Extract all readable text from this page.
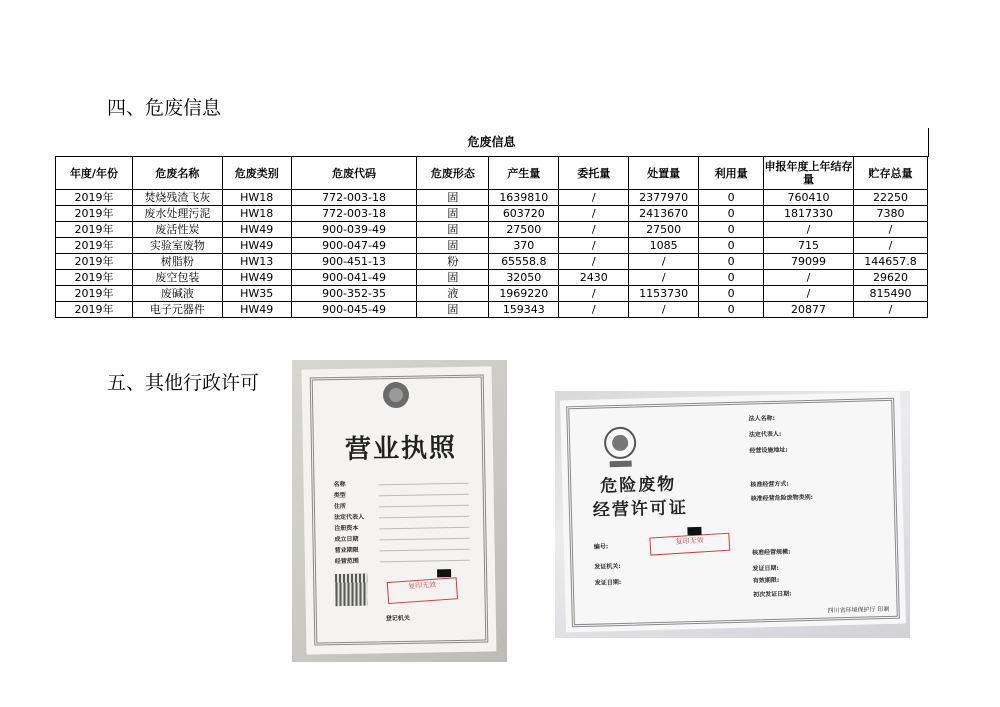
四、危废信息
危废信息
年度/年份	危废名称	危废类别	危废代码	危废形态	产生量	委托量	处置量	利用量	申报年度上年结存量	贮存总量
2019年	焚烧残渣飞灰	HW18	772-003-18	固	1639810	/	2377970	0	760410	22250
2019年	废水处理污泥	HW18	772-003-18	固	603720	/	2413670	0	1817330	7380
2019年	废活性炭	HW49	900-039-49	固	27500	/	27500	0	/	/
2019年	实验室废物	HW49	900-047-49	固	370	/	1085	0	715	/
2019年	树脂粉	HW13	900-451-13	粉	65558.8	/	/	0	79099	144657.8
2019年	废空包装	HW49	900-041-49	固	32050	2430	/	0	/	29620
2019年	废碱液	HW35	900-352-35	液	1969220	/	1153730	0	/	815490
2019年	电子元器件	HW49	900-045-49	固	159343	/	/	0	20877	/
五、其他行政许可
营业执照
名称
类型
住所
法定代表人
注册资本
成立日期
营业期限
经营范围
复印无效
登记机关
危险废物
经营许可证
法人名称:
法定代表人:
经营设施地址:
核准经营方式:
核准经营危险废物类别:
核准经营规模:
发证日期:
有效期限:
初次发证日期:
编号:
发证机关:
发证日期:
复印无效
四川省环境保护厅 印制
